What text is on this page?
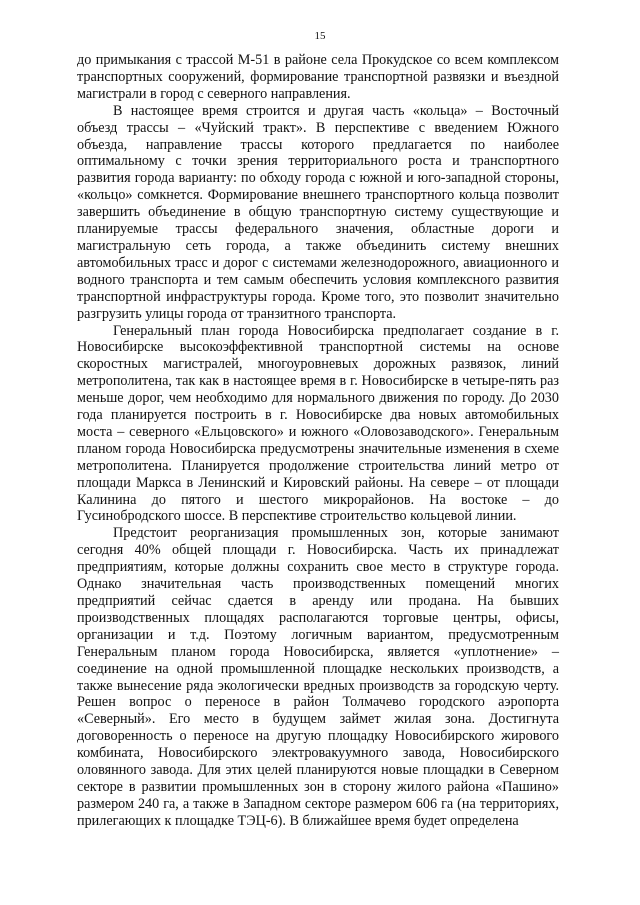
15

до примыкания с трассой М-51 в районе села Прокудское со всем комплексом транспортных сооружений, формирование транспортной развязки и въездной магистрали в город с северного направления.

В настоящее время строится и другая часть «кольца» – Восточный объезд трассы – «Чуйский тракт». В перспективе с введением Южного объезда, направление трассы которого предлагается по наиболее оптимальному с точки зрения территориального роста и транспортного развития города варианту: по обходу города с южной и юго-западной стороны, «кольцо» сомкнется. Формирование внешнего транспортного кольца позволит завершить объединение в общую транспортную систему существующие и планируемые трассы федерального значения, областные дороги и магистральную сеть города, а также объединить систему внешних автомобильных трасс и дорог с системами железнодорожного, авиационного и водного транспорта и тем самым обеспечить условия комплексного развития транспортной инфраструктуры города. Кроме того, это позволит значительно разгрузить улицы города от транзитного транспорта.

Генеральный план города Новосибирска предполагает создание в г. Новосибирске высокоэффективной транспортной системы на основе скоростных магистралей, многоуровневых дорожных развязок, линий метрополитена, так как в настоящее время в г. Новосибирске в четыре-пять раз меньше дорог, чем необходимо для нормального движения по городу. До 2030 года планируется построить в г. Новосибирске два новых автомобильных моста – северного «Ельцовского» и южного «Оловозаводского». Генеральным планом города Новосибирска предусмотрены значительные изменения в схеме метрополитена. Планируется продолжение строительства линий метро от площади Маркса в Ленинский и Кировский районы. На севере – от площади Калинина до пятого и шестого микрорайонов. На востоке – до Гусинобродского шоссе. В перспективе строительство кольцевой линии.

Предстоит реорганизация промышленных зон, которые занимают сегодня 40% общей площади г. Новосибирска. Часть их принадлежат предприятиям, которые должны сохранить свое место в структуре города. Однако значительная часть производственных помещений многих предприятий сейчас сдается в аренду или продана. На бывших производственных площадях располагаются торговые центры, офисы, организации и т.д. Поэтому логичным вариантом, предусмотренным Генеральным планом города Новосибирска, является «уплотнение» – соединение на одной промышленной площадке нескольких производств, а также вынесение ряда экологически вредных производств за городскую черту. Решен вопрос о переносе в район Толмачево городского аэропорта «Северный». Его место в будущем займет жилая зона. Достигнута договоренность о переносе на другую площадку Новосибирского жирового комбината, Новосибирского электровакуумного завода, Новосибирского оловянного завода. Для этих целей планируются новые площадки в Северном секторе в развитии промышленных зон в сторону жилого района «Пашино» размером 240 га, а также в Западном секторе размером 606 га (на территориях, прилегающих к площадке ТЭЦ-6). В ближайшее время будет определена
